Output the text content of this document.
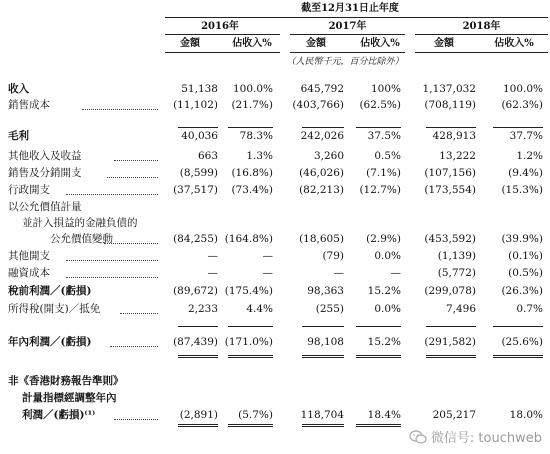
截至12月31日止年度
2016年	2017年	2018年
金額	佔收入%	金額	佔收入%	金額	佔收入%
（人民幣千元，百分比除外）
收入	51,138	100.0%	645,792	100%	1,137,032	100.0%
銷售成本	(11,102)	(21.7%)	(403,766)	(62.5%)	(708,119)	(62.3%)
毛利	40,036	78.3%	242,026	37.5%	428,913	37.7%
其他收入及收益	663	1.3%	3,260	0.5%	13,222	1.2%
銷售及分銷開支	(8,599)	(16.8%)	(46,026)	(7.1%)	(107,156)	(9.4%)
行政開支	(37,517)	(73.4%)	(82,213)	(12.7%)	(173,554)	(15.3%)
以公允價值計量
並計入損益的金融負債的
公允價值變動	(84,255) (164.8%)	(18,605)	(2.9%)	(453,592)	(39.9%)
其他開支	—	—	(79)	0.0%	(1,139)	(0.1%)
融資成本	—	—	—	—	(5,772)	(0.5%)
稅前利潤／(虧損)	(89,672) (175.4%)	98,363	15.2%	(299,078)	(26.3%)
所得稅(開支)／抵免	2,233	4.4%	(255)	0.0%	7,496	0.7%
年內利潤／(虧損)	(87,439) (171.0%)	98,108	15.2%	(291,582)	(25.6%)
非《香港財務報告準則》
計量指標經調整年內
利潤／(虧損)⁽¹⁾	(2,891)	(5.7%)	118,704	18.4%	205,217	18.0%
微信号: touchweb
